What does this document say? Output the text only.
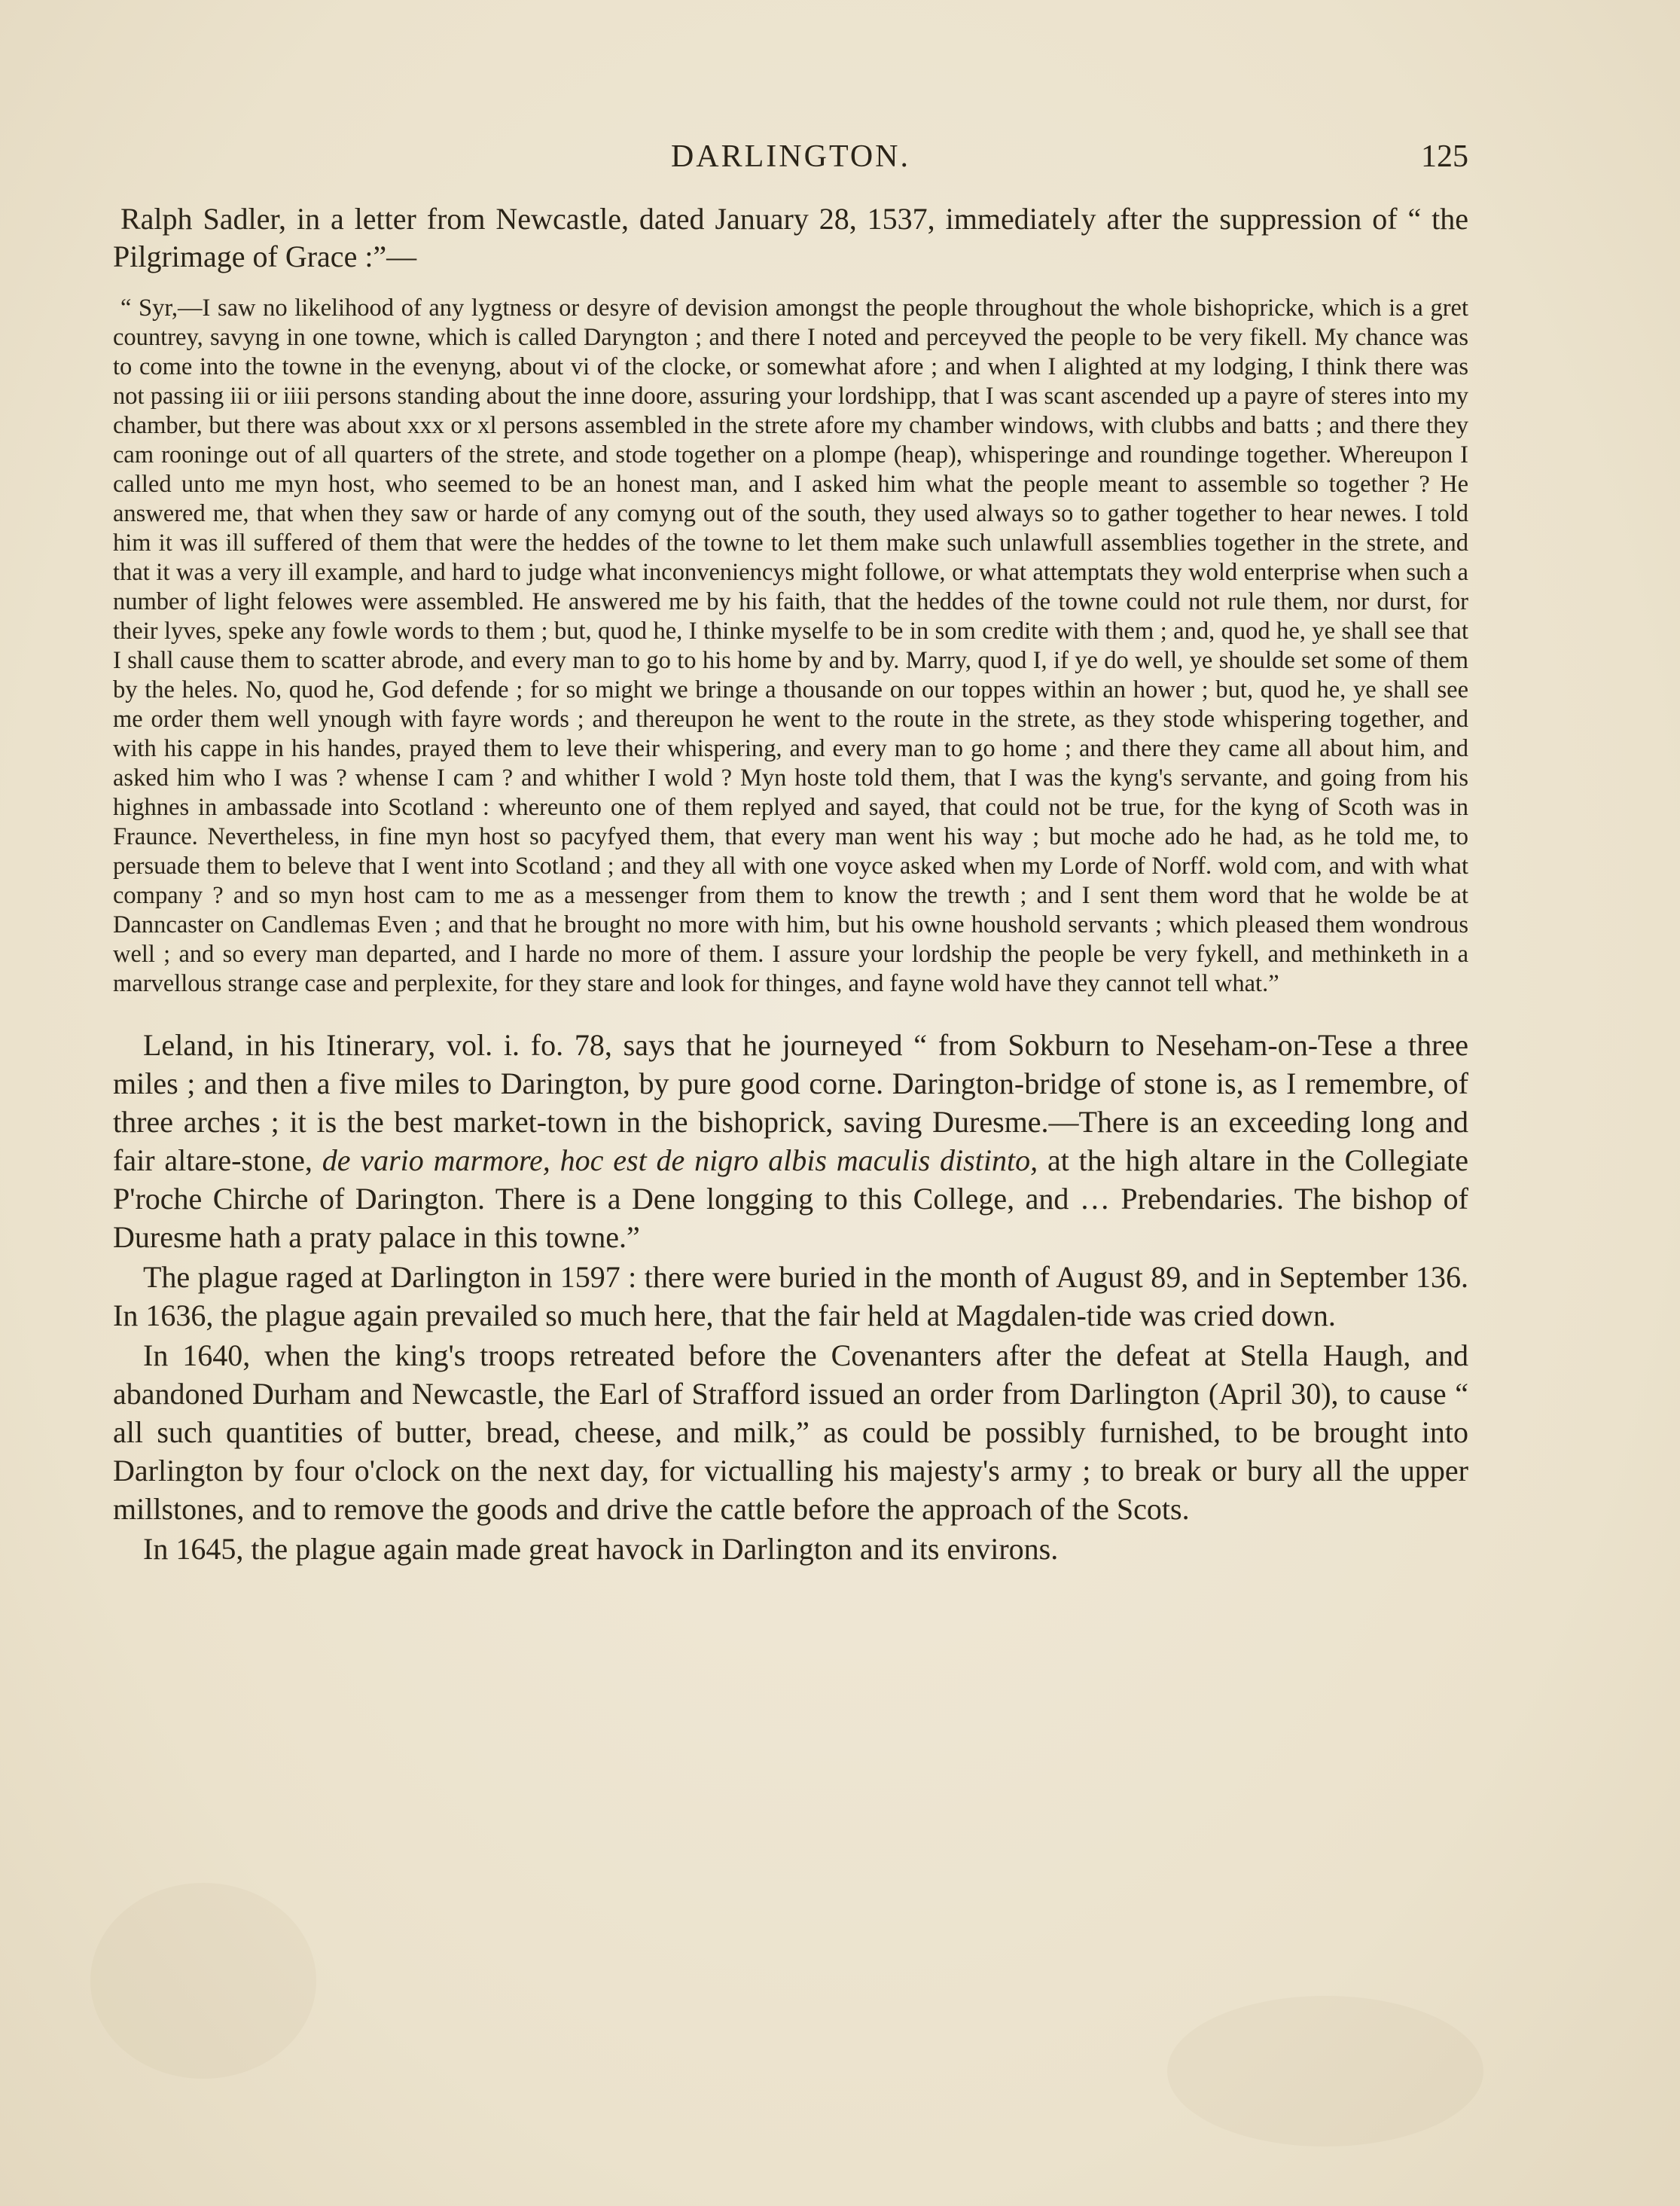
DARLINGTON.	125

Ralph Sadler, in a letter from Newcastle, dated January 28, 1537, immediately after the suppression of “ the Pilgrimage of Grace :”—

“ Syr,—I saw no likelihood of any lygtness or desyre of devision amongst the people throughout the whole bishopricke, which is a gret countrey, savyng in one towne, which is called Daryngton ; and there I noted and perceyved the people to be very fikell. My chance was to come into the towne in the evenyng, about vi of the clocke, or somewhat afore ; and when I alighted at my lodging, I think there was not passing iii or iiii persons standing about the inne doore, assuring your lordshipp, that I was scant ascended up a payre of steres into my chamber, but there was about xxx or xl persons assembled in the strete afore my chamber windows, with clubbs and batts ; and there they cam rooninge out of all quarters of the strete, and stode together on a plompe (heap), whisperinge and roundinge together. Whereupon I called unto me myn host, who seemed to be an honest man, and I asked him what the people meant to assemble so together ? He answered me, that when they saw or harde of any comyng out of the south, they used always so to gather together to hear newes. I told him it was ill suffered of them that were the heddes of the towne to let them make such unlawfull assemblies together in the strete, and that it was a very ill example, and hard to judge what inconveniencys might followe, or what attemptats they wold enterprise when such a number of light felowes were assembled. He answered me by his faith, that the heddes of the towne could not rule them, nor durst, for their lyves, speke any fowle words to them ; but, quod he, I thinke myselfe to be in som credite with them ; and, quod he, ye shall see that I shall cause them to scatter abrode, and every man to go to his home by and by. Marry, quod I, if ye do well, ye shoulde set some of them by the heles. No, quod he, God defende ; for so might we bringe a thousande on our toppes within an hower ; but, quod he, ye shall see me order them well ynough with fayre words ; and thereupon he went to the route in the strete, as they stode whispering together, and with his cappe in his handes, prayed them to leve their whispering, and every man to go home ; and there they came all about him, and asked him who I was ? whense I cam ? and whither I wold ? Myn hoste told them, that I was the kyng's servante, and going from his highnes in ambassade into Scotland : whereunto one of them replyed and sayed, that could not be true, for the kyng of Scoth was in Fraunce. Nevertheless, in fine myn host so pacyfyed them, that every man went his way ; but moche ado he had, as he told me, to persuade them to beleve that I went into Scotland ; and they all with one voyce asked when my Lorde of Norff. wold com, and with what company ? and so myn host cam to me as a messenger from them to know the trewth ; and I sent them word that he wolde be at Danncaster on Candlemas Even ; and that he brought no more with him, but his owne houshold servants ; which pleased them wondrous well ; and so every man departed, and I harde no more of them. I assure your lordship the people be very fykell, and methinketh in a marvellous strange case and perplexite, for they stare and look for thinges, and fayne wold have they cannot tell what.”

Leland, in his Itinerary, vol. i. fo. 78, says that he journeyed “ from Sokburn to Neseham-on-Tese a three miles ; and then a five miles to Darington, by pure good corne. Darington-bridge of stone is, as I remembre, of three arches ; it is the best market-town in the bishoprick, saving Duresme.—There is an exceeding long and fair altare-stone, de vario marmore, hoc est de nigro albis maculis distinto, at the high altare in the Collegiate P'roche Chirche of Darington. There is a Dene longging to this College, and … Prebendaries. The bishop of Duresme hath a praty palace in this towne.”

The plague raged at Darlington in 1597 : there were buried in the month of August 89, and in September 136. In 1636, the plague again prevailed so much here, that the fair held at Magdalen-tide was cried down.

In 1640, when the king's troops retreated before the Covenanters after the defeat at Stella Haugh, and abandoned Durham and Newcastle, the Earl of Strafford issued an order from Darlington (April 30), to cause “ all such quantities of butter, bread, cheese, and milk,” as could be possibly furnished, to be brought into Darlington by four o'clock on the next day, for victualling his majesty's army ; to break or bury all the upper millstones, and to remove the goods and drive the cattle before the approach of the Scots.

In 1645, the plague again made great havock in Darlington and its environs.
